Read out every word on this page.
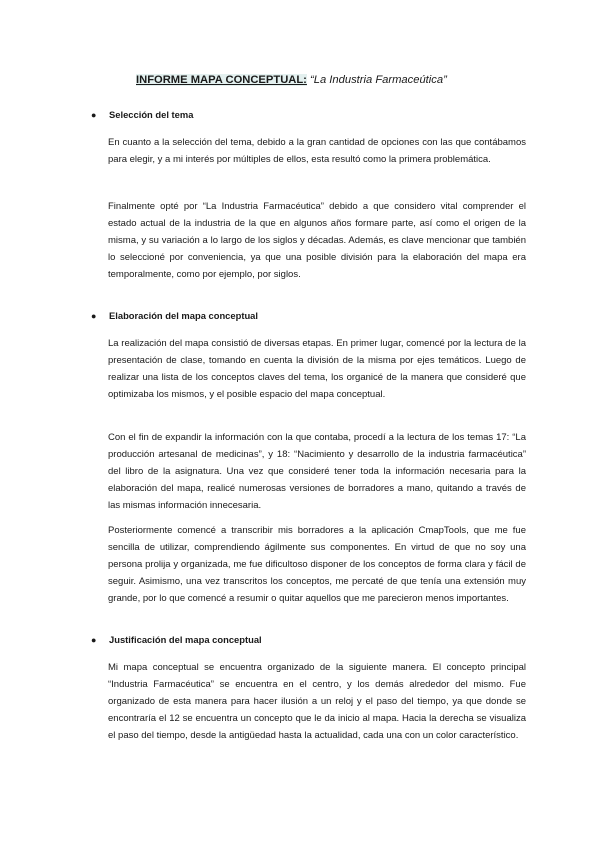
INFORME MAPA CONCEPTUAL: “La Industria Farmaceútica”
● Selección del tema

En cuanto a la selección del tema, debido a la gran cantidad de opciones con las que contábamos para elegir, y a mi interés por múltiples de ellos, esta resultó como la primera problemática.

Finalmente opté por “La Industria Farmacéutica” debido a que considero vital comprender el estado actual de la industria de la que en algunos años formare parte, así como el origen de la misma, y su variación a lo largo de los siglos y décadas. Además, es clave mencionar que también lo seleccioné por conveniencia, ya que una posible división para la elaboración del mapa era temporalmente, como por ejemplo, por siglos.

● Elaboración del mapa conceptual

La realización del mapa consistió de diversas etapas. En primer lugar, comencé por la lectura de la presentación de clase, tomando en cuenta la división de la misma por ejes temáticos. Luego de realizar una lista de los conceptos claves del tema, los organicé de la manera que consideré que optimizaba los mismos, y el posible espacio del mapa conceptual.

Con el fin de expandir la información con la que contaba, procedí a la lectura de los temas 17: “La producción artesanal de medicinas”, y 18: “Nacimiento y desarrollo de la industria farmacéutica” del libro de la asignatura. Una vez que consideré tener toda la información necesaria para la elaboración del mapa, realicé numerosas versiones de borradores a mano, quitando a través de las mismas información innecesaria.

Posteriormente comencé a transcribir mis borradores a la aplicación CmapTools, que me fue sencilla de utilizar, comprendiendo ágilmente sus componentes. En virtud de que no soy una persona prolija y organizada, me fue dificultoso disponer de los conceptos de forma clara y fácil de seguir. Asimismo, una vez transcritos los conceptos, me percaté de que tenía una extensión muy grande, por lo que comencé a resumir o quitar aquellos que me parecieron menos importantes.

● Justificación del mapa conceptual

Mi mapa conceptual se encuentra organizado de la siguiente manera. El concepto principal “Industria Farmacéutica” se encuentra en el centro, y los demás alrededor del mismo. Fue organizado de esta manera para hacer ilusión a un reloj y el paso del tiempo, ya que donde se encontraría el 12 se encuentra un concepto que le da inicio al mapa. Hacia la derecha se visualiza el paso del tiempo, desde la antigüedad hasta la actualidad, cada una con un color característico.
